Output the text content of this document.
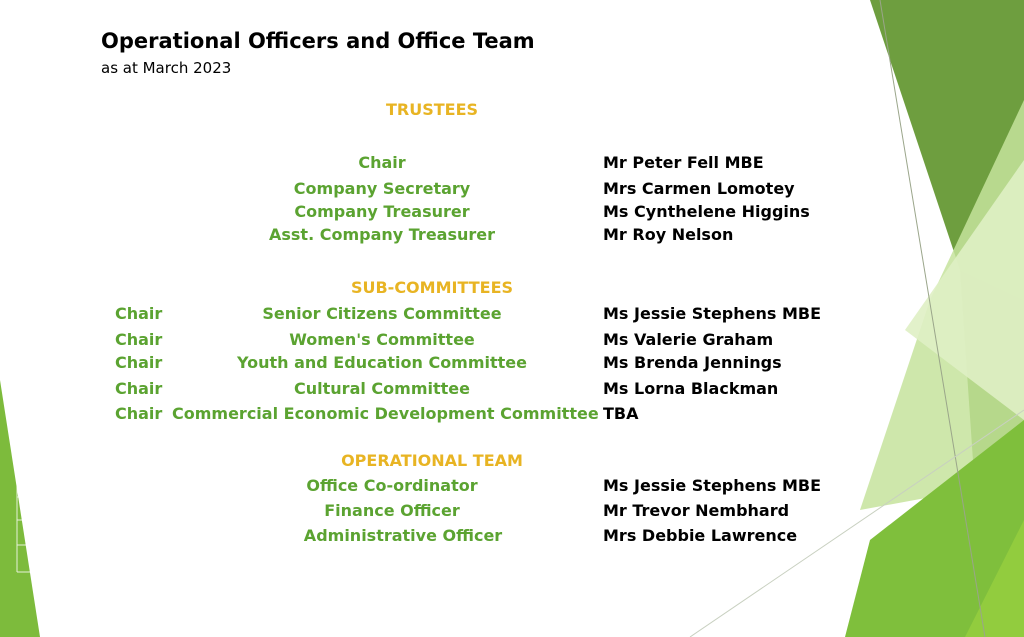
Operational Officers and Office Team
as at March 2023
TRUSTEES
Chair	Mr Peter Fell MBE
Company Secretary	Mrs Carmen Lomotey
Company Treasurer	Ms Cynthelene Higgins
Asst. Company Treasurer	Mr Roy Nelson
SUB-COMMITTEES
Chair	Senior Citizens Committee	Ms Jessie Stephens MBE
Chair	Women's Committee	Ms Valerie Graham
Chair	Youth and Education Committee	Ms Brenda Jennings
Chair	Cultural Committee	Ms Lorna Blackman
Chair Commercial Economic Development Committee TBA
OPERATIONAL TEAM
Office Co-ordinator	Ms Jessie Stephens MBE
Finance Officer	Mr Trevor Nembhard
Administrative Officer	Mrs Debbie Lawrence
